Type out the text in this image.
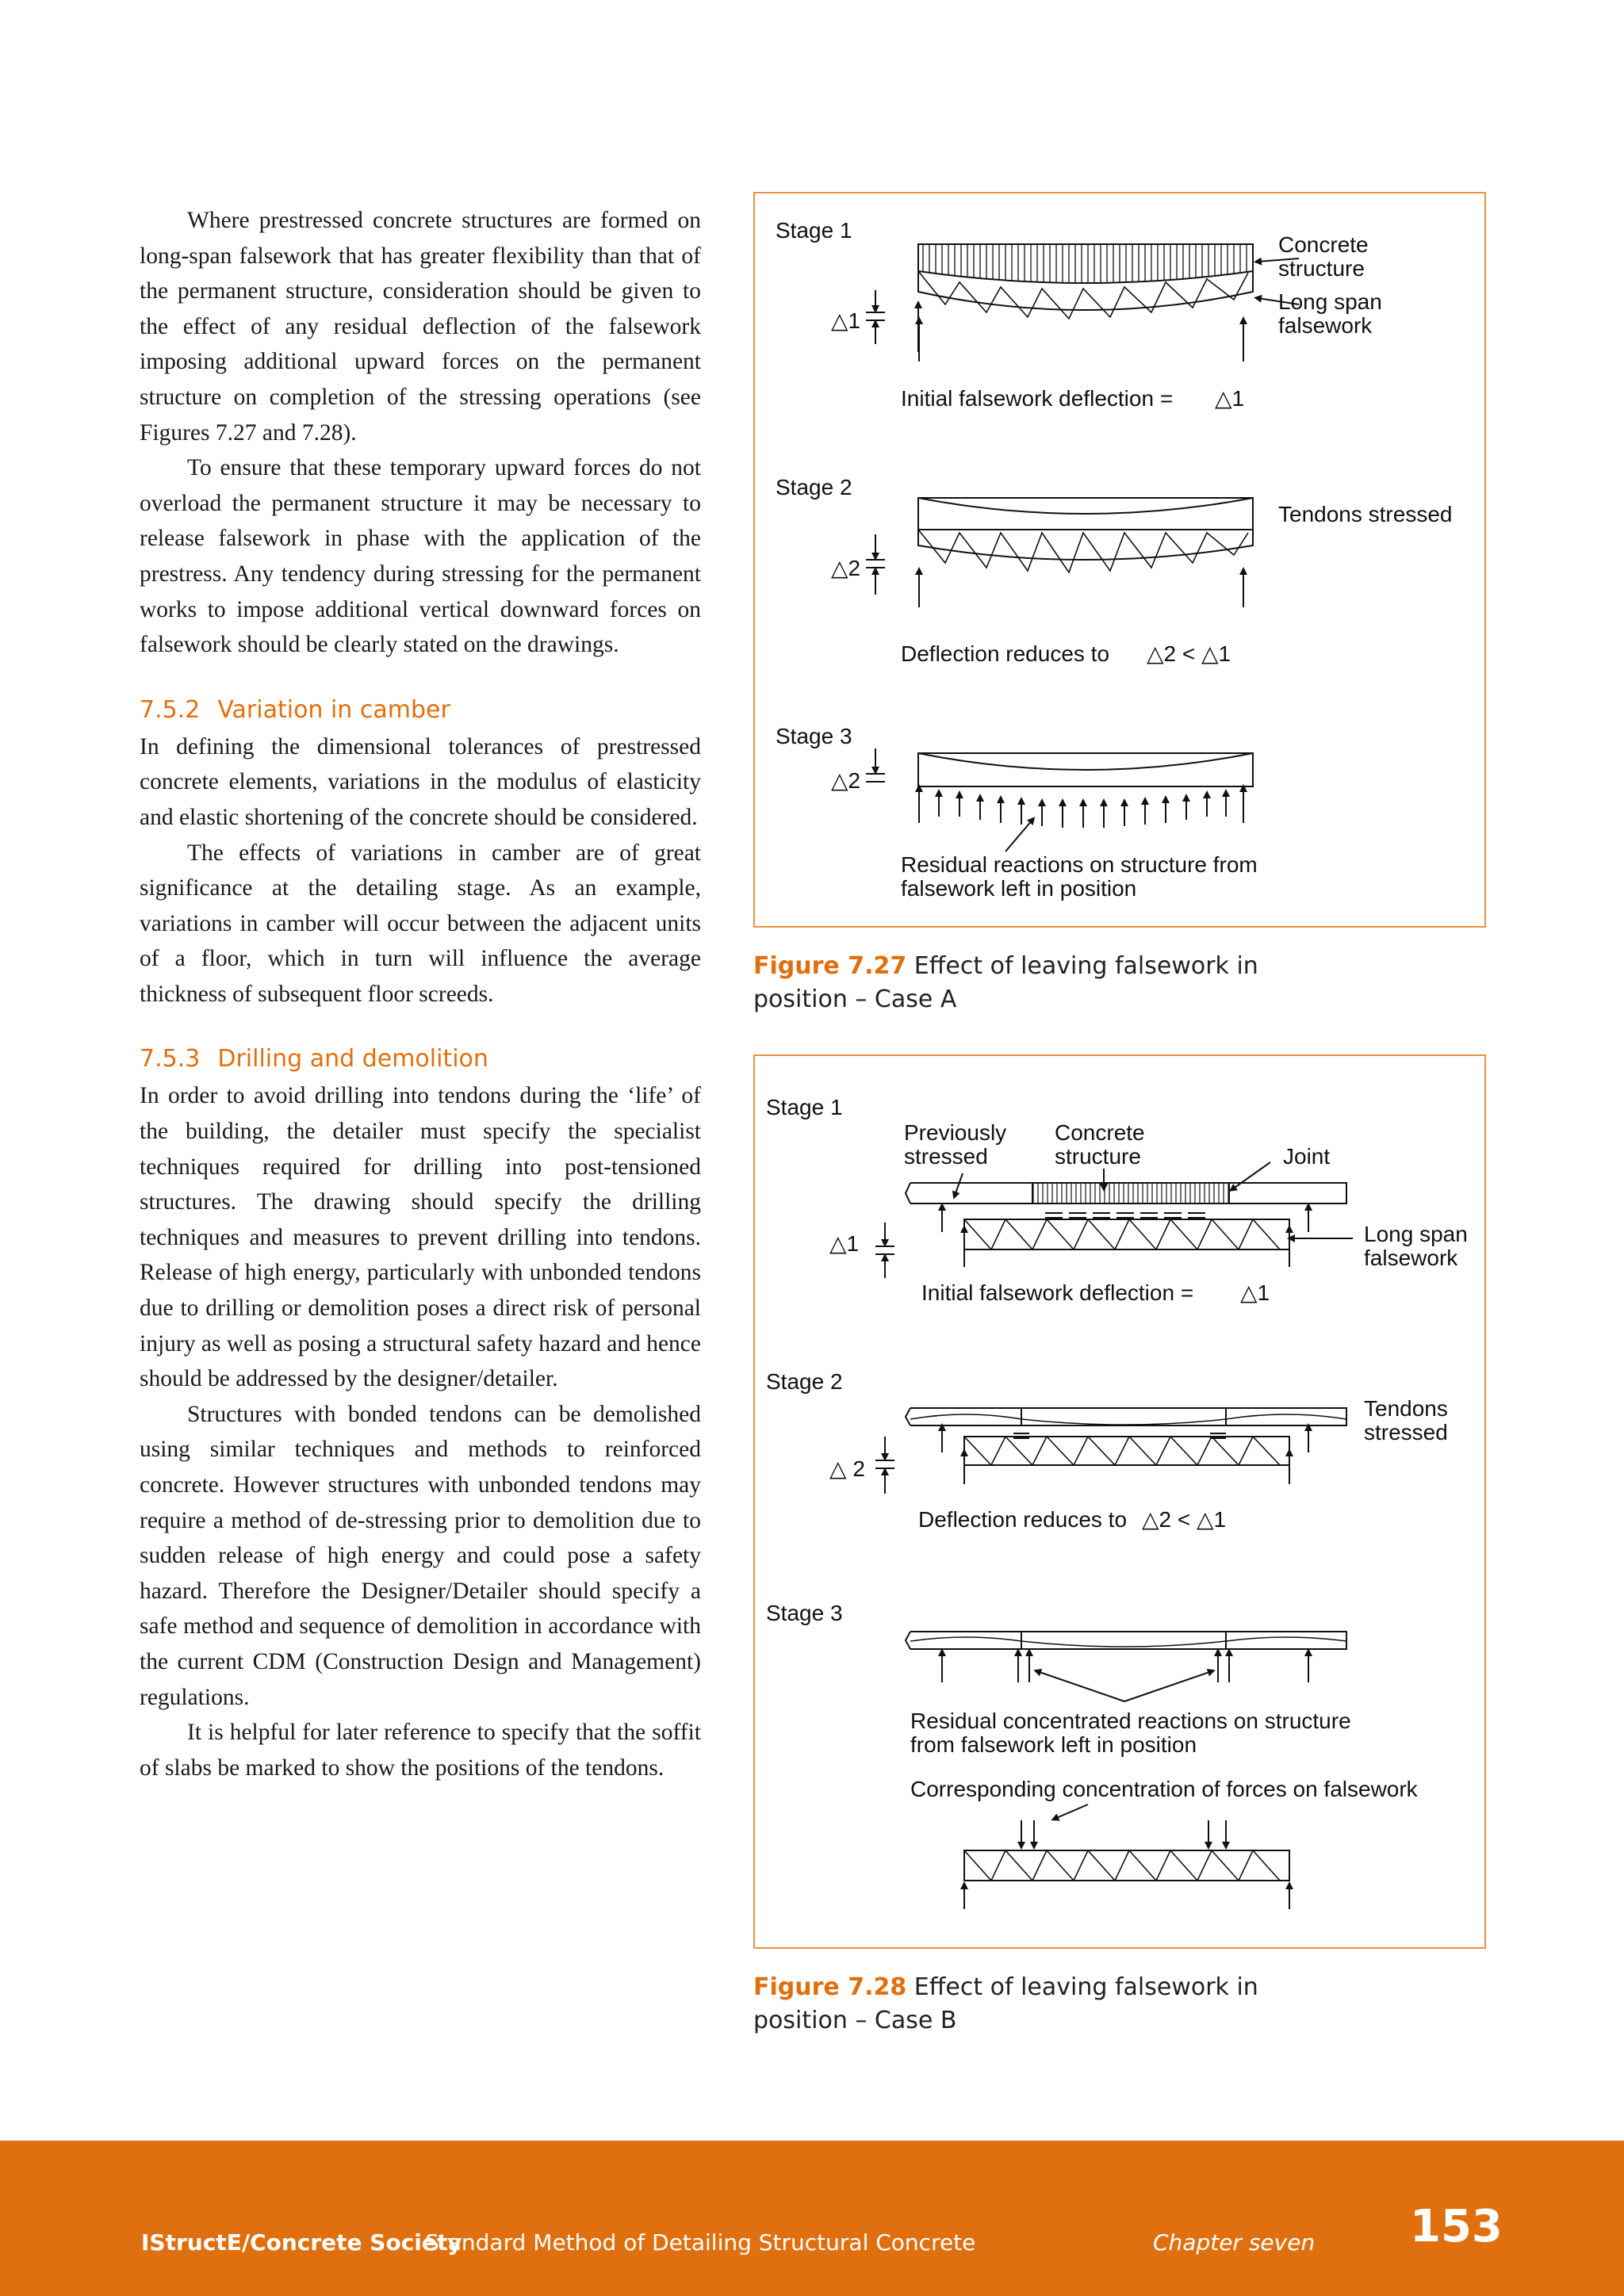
Where prestressed concrete structures are formed on long-span falsework that has greater flexibility than that of the permanent structure, consideration should be given to the effect of any residual deflection of the falsework imposing additional upward forces on the permanent structure on completion of the stressing operations (see Figures 7.27 and 7.28).

To ensure that these temporary upward forces do not overload the permanent structure it may be necessary to release falsework in phase with the application of the prestress. Any tendency during stressing for the permanent works to impose additional vertical downward forces on falsework should be clearly stated on the drawings.

7.5.2 Variation in camber

In defining the dimensional tolerances of prestressed concrete elements, variations in the modulus of elasticity and elastic shortening of the concrete should be considered.

The effects of variations in camber are of great significance at the detailing stage. As an example, variations in camber will occur between the adjacent units of a floor, which in turn will influence the average thickness of subsequent floor screeds.

7.5.3 Drilling and demolition

In order to avoid drilling into tendons during the ‘life’ of the building, the detailer must specify the specialist techniques required for drilling into post-tensioned structures. The drawing should specify the drilling techniques and measures to prevent drilling into tendons. Release of high energy, particularly with unbonded tendons due to drilling or demolition poses a direct risk of personal injury as well as posing a structural safety hazard and hence should be addressed by the designer/detailer.

Structures with bonded tendons can be demolished using similar techniques and methods to reinforced concrete. However structures with unbonded tendons may require a method of de-stressing prior to demolition due to sudden release of high energy and could pose a safety hazard. Therefore the Designer/Detailer should specify a safe method and sequence of demolition in accordance with the current CDM (Construction Design and Management) regulations.

It is helpful for later reference to specify that the soffit of slabs be marked to show the positions of the tendons.

Stage 1
△1
Concrete
structure
Long span
falsework
Initial falsework deflection = △1
Stage 2
Tendons stressed
△2
Deflection reduces to △2 < △1
Stage 3
△2
Residual reactions on structure from
falsework left in position
Figure 7.27 Effect of leaving falsework in position – Case A
Stage 1
Previously
stressed
Concrete
structure	Joint
Long span
falsework
△1
Initial falsework deflection = △1
Stage 2
Tendons
stressed
△ 2
Deflection reduces to △2 < △1
Stage 3
Residual concentrated reactions on structure
from falsework left in position
Corresponding concentration of forces on falsework
Figure 7.28 Effect of leaving falsework in position – Case B
IStructE/Concrete Society
Standard Method of Detailing Structural Concrete	Chapter seven 153
